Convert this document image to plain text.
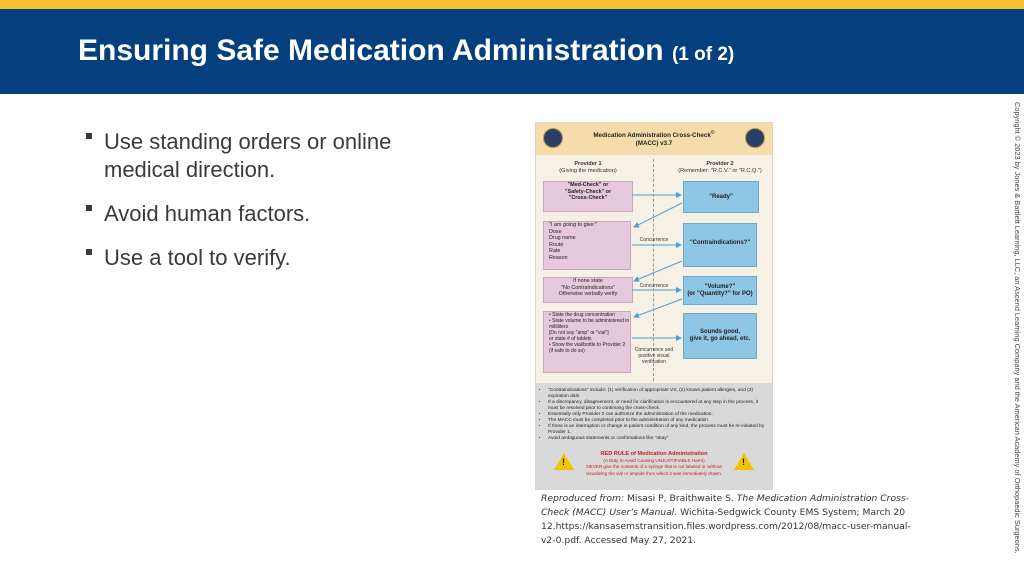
Ensuring Safe Medication Administration (1 of 2)
Use standing orders or online medical direction.
Avoid human factors.
Use a tool to verify.
Medication Administration Cross-Check©
(MACC) v3.7
Provider 1
(Giving the medication)
Provider 2
(Remember: "R.C.V." or "R.C.Q.")
"Med-Check" or
"Safety-Check" or
"Cross-Check"
"I am going to give:"
Dose
Drug name
Route
Rate
Reason
If none state
"No Contraindications"
Otherwise verbally verify
• State the drug concentration
• State volume to be administered in milliliters
[Do not say "amp" or "vial"]
or state # of tablets
• Show the vial/bottle to Provider 2 (if safe to do so)
"Ready"
"Contraindications?"
"Volume?"
(or "Quantity?" for PO)
Sounds good,
give it, go ahead, etc.
Concurrence
Concurrence
Concurrence and positive visual verification
• "Contraindications" include: (1) verification of appropriate VS, (2) known patient allergies, and (3) expiration date.
• If a discrepancy, disagreement, or need for clarification is encountered at any step in the process, it must be resolved prior to continuing the cross-check.
• Essentially only Provider 2 can authorize the administration of the medication.
• The MACC must be completed prior to the administration of any medication.
• If there is an interruption or change in patient condition of any kind, the process must be re-initiated by Provider 1.
• Avoid ambiguous statements or confirmations like "okay"
!
RED RULE of Medication Administration
(A Duty to Avoid Causing UNJUSTIFIABLE Harm)
NEVER give the contents of a syringe that is not labeled or without visualizing the vial or ampule from which it was immediately drawn.
!
Reproduced from: Misasi P, Braithwaite S. The Medication Administration Cross-Check (MACC) User’s Manual. Wichita-Sedgwick County EMS System; March 20 12.https://kansasemstransition.files.wordpress.com/2012/08/macc-user-manual-v2-0.pdf. Accessed May 27, 2021.	Copyright © 2023 by Jones & Bartlett Learning, LLC, an Ascend Learning Company and the American Academy of Orthopaedic Surgeons.
